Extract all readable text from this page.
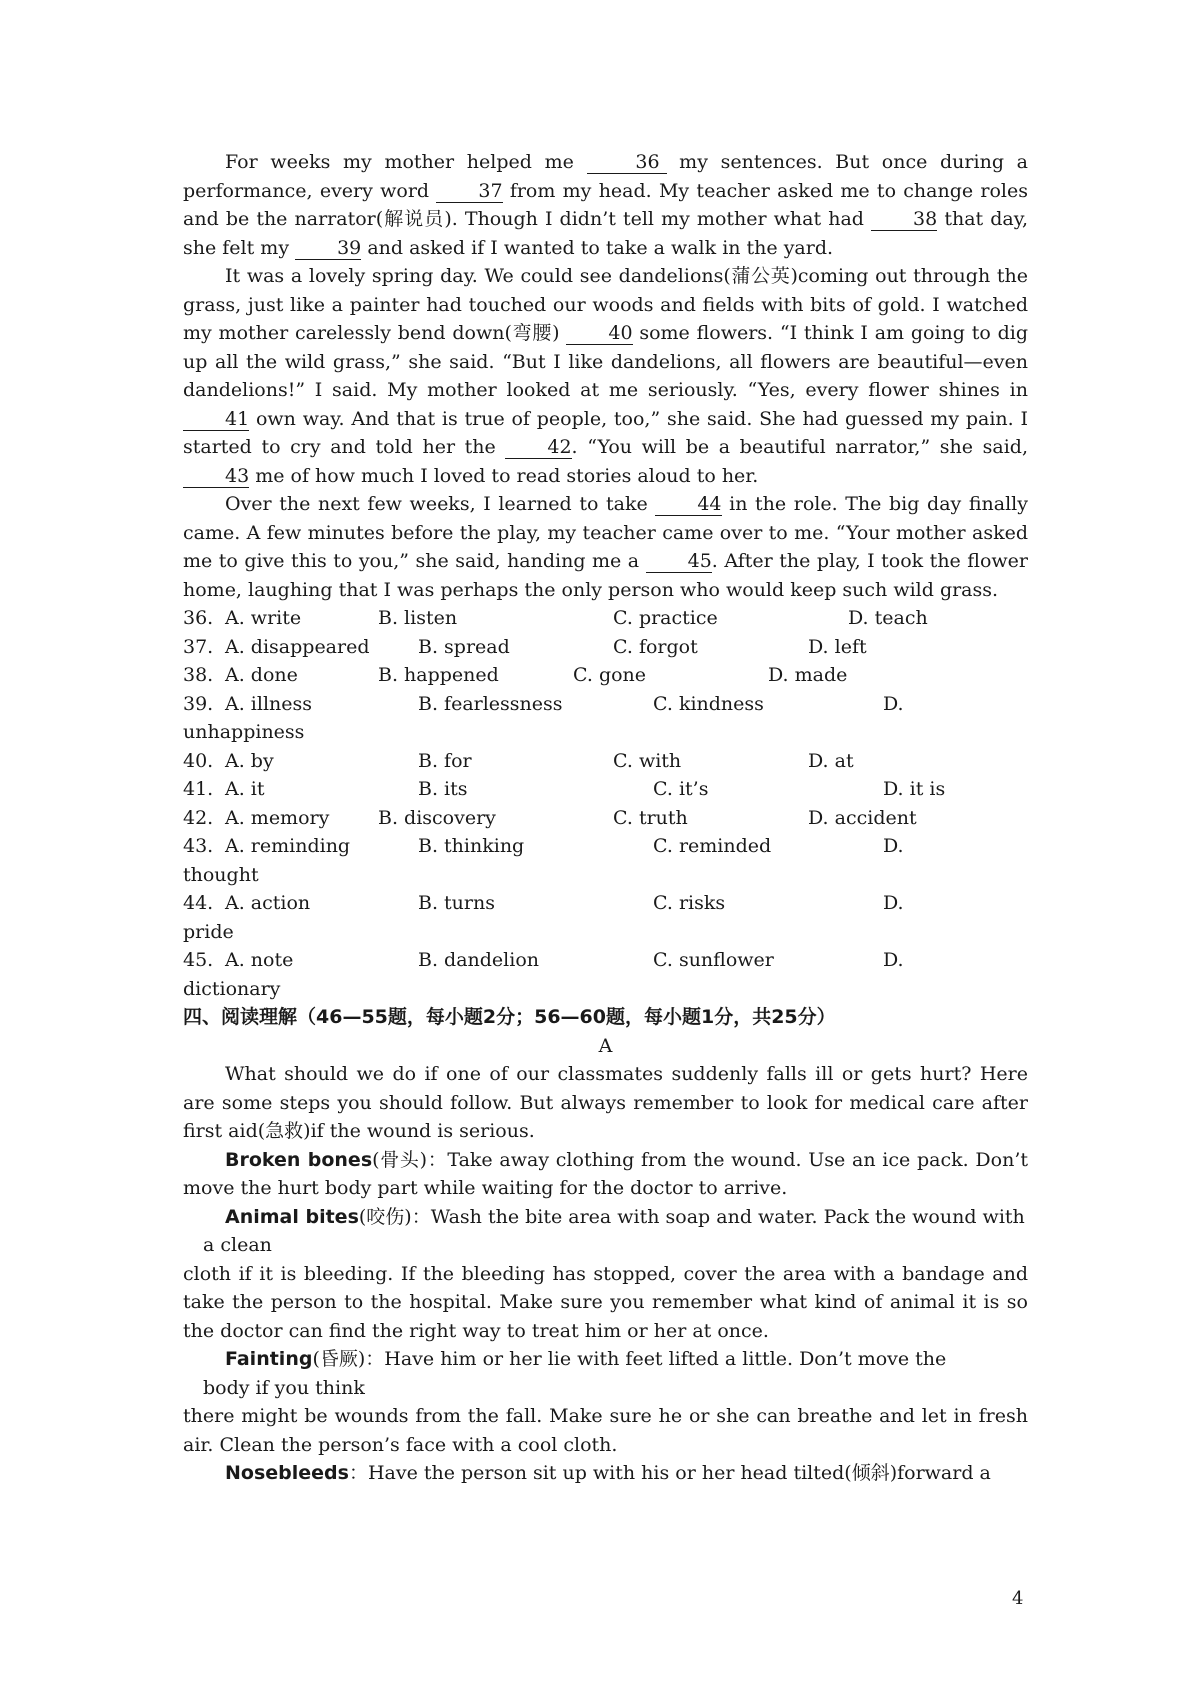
For weeks my mother helped me	36 my sentences. But once during a performance, every word 37 from my head. My teacher asked me to change roles and be the narrator(解说员). Though I didn’t tell my mother what had 38 that day, she felt my 39 and asked if I wanted to take a walk in the yard.

It was a lovely spring day. We could see dandelions(蒲公英)coming out through the grass, just like a painter had touched our woods and fields with bits of gold. I watched my mother carelessly bend down(弯腰) 40 some flowers. “I think I am going to dig up all the wild grass,” she said. “But I like dandelions, all flowers are beautiful—even dandelions!” I said. My mother looked at me seriously. “Yes, every flower shines in 41 own way. And that is true of people, too,” she said. She had guessed my pain. I started to cry and told her the 42. “You will be a beautiful narrator,” she said, 43 me of how much I loved to read stories aloud to her.

Over the next few weeks, I learned to take 44 in the role. The big day finally came. A few minutes before the play, my teacher came over to me. “Your mother asked me to give this to you,” she said, handing me a 45. After the play, I took the flower home, laughing that I was perhaps the only person who would keep such wild grass.

36. A. write	B. listen	C. practice	D. teach
37. A. disappeared	B. spread	C. forgot	D. left
38. A. done	B. happened	C. gone	D. made
39. A. illness	B. fearlessness	C. kindness	D.
unhappiness
40. A. by	B. for	C. with	D. at
41. A. it	B. its	C. it’s	D. it is
42. A. memory	B. discovery	C. truth	D. accident
43. A. reminding	B. thinking	C. reminded	D.
thought
44. A. action	B. turns	C. risks	D.
pride
45. A. note	B. dandelion	C. sunflower	D.
dictionary

四、阅读理解（46—55题，每小题2分；56—60题，每小题1分，共25分）

A

What should we do if one of our classmates suddenly falls ill or gets hurt? Here are some steps you should follow. But always remember to look for medical care after first aid(急救)if the wound is serious.

Broken bones(骨头)：Take away clothing from the wound. Use an ice pack. Don’t move the hurt body part while waiting for the doctor to arrive.

Animal bites(咬伤)：Wash the bite area with soap and water. Pack the wound with

a clean

cloth if it is bleeding. If the bleeding has stopped, cover the area with a bandage and take the person to the hospital. Make sure you remember what kind of animal it is so the doctor can find the right way to treat him or her at once.

Fainting(昏厥)：Have him or her lie with feet lifted a little. Don’t move the

body if you think

there might be wounds from the fall. Make sure he or she can breathe and let in fresh air. Clean the person’s face with a cool cloth.

Nosebleeds：Have the person sit up with his or her head tilted(倾斜)forward a

4
